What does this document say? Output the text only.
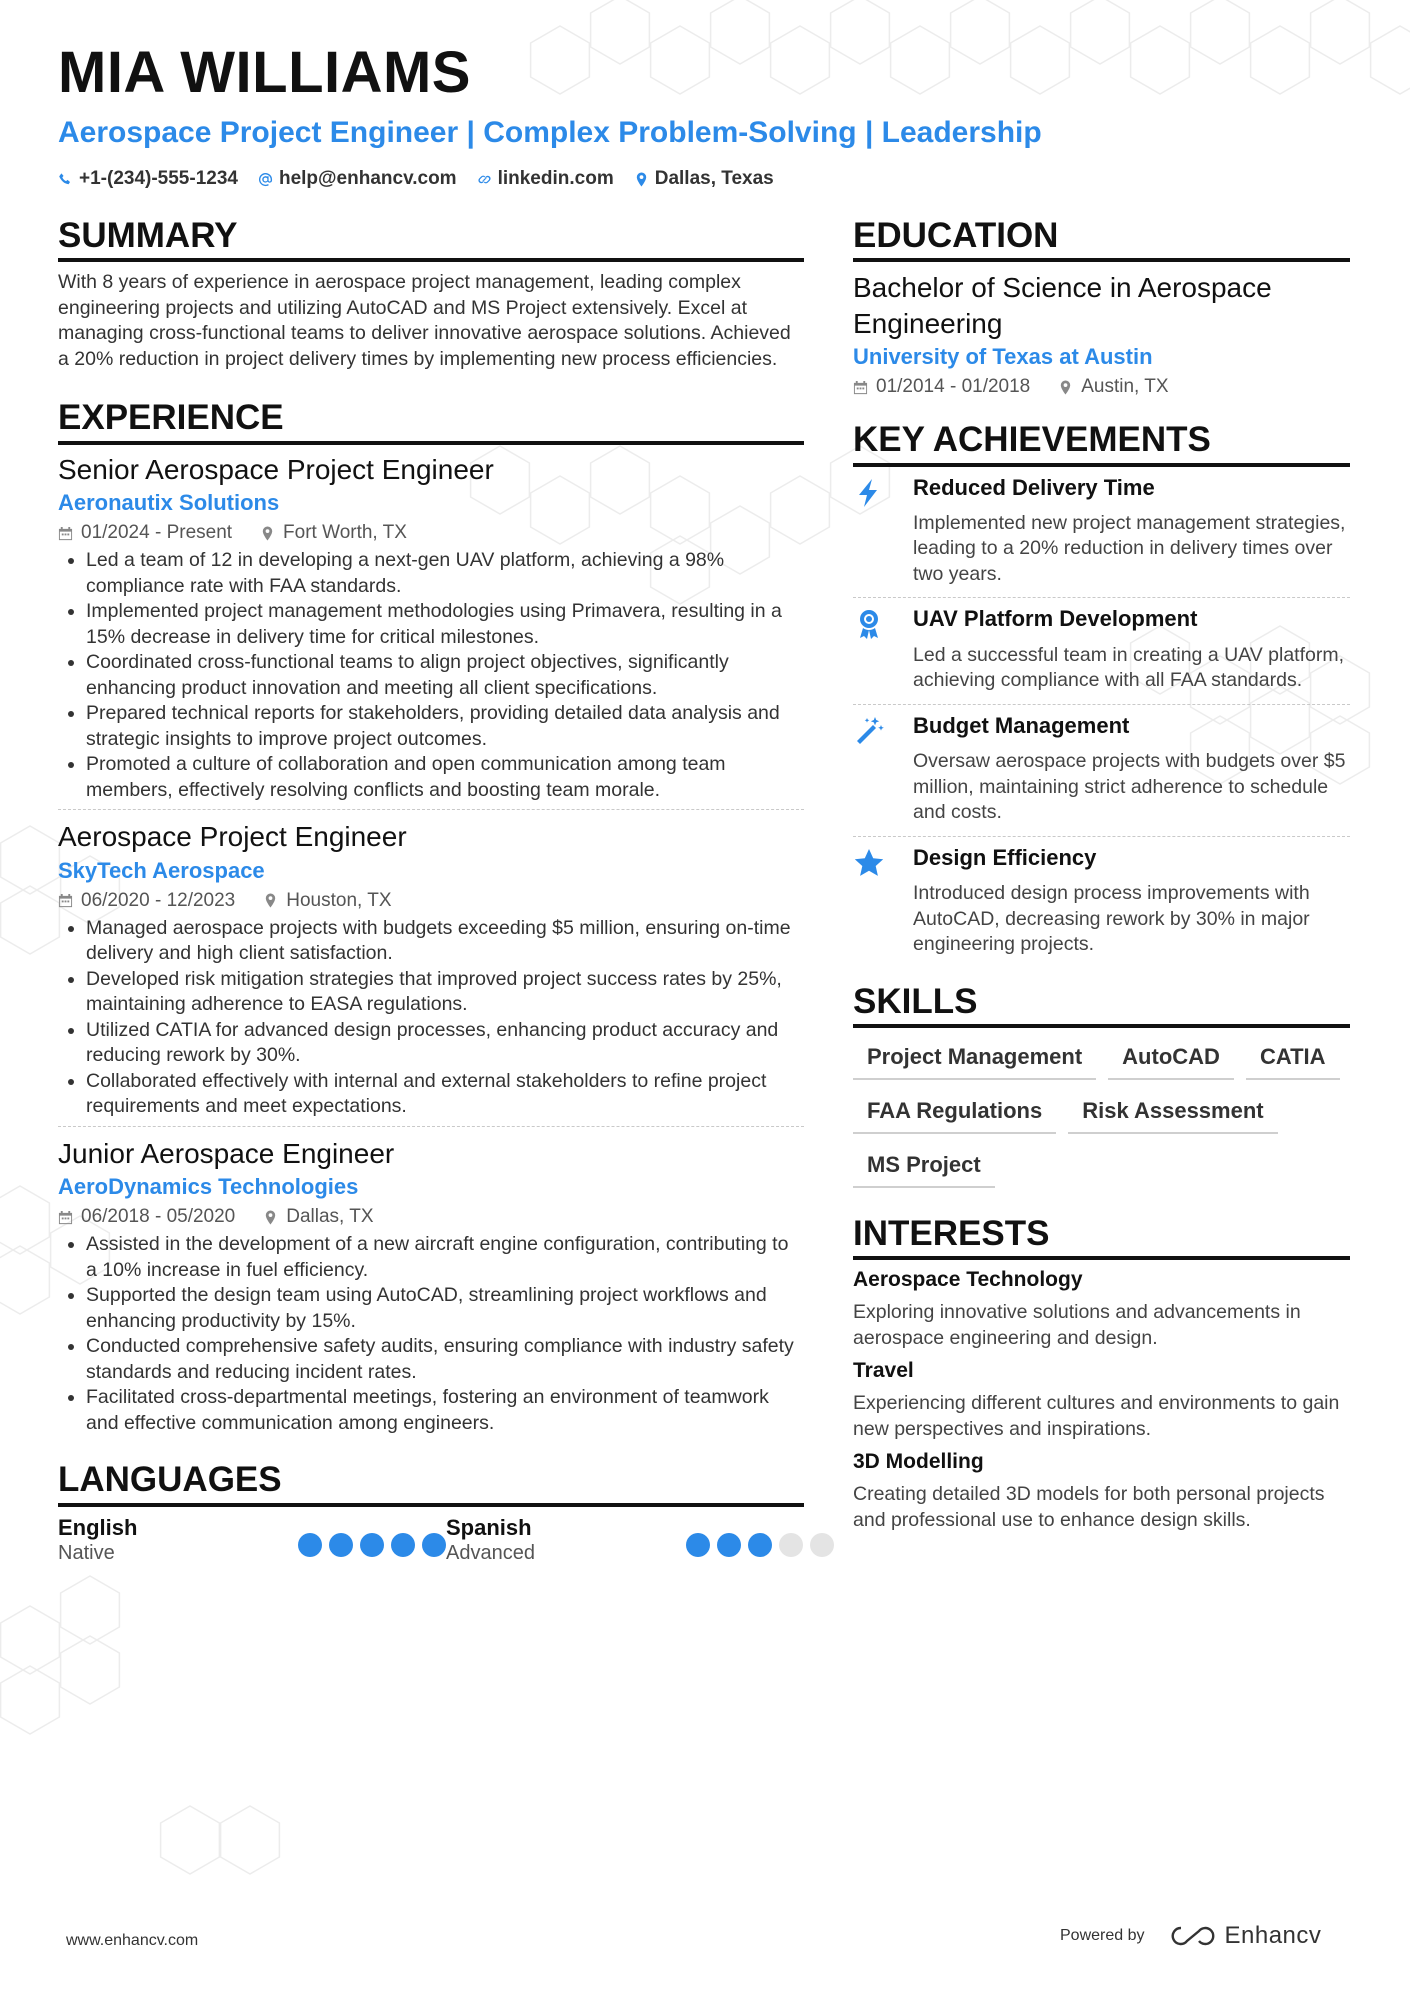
MIA WILLIAMS
Aerospace Project Engineer | Complex Problem-Solving | Leadership
+1-(234)-555-1234 help@enhancv.com linkedin.com Dallas, Texas
SUMMARY
With 8 years of experience in aerospace project management, leading complex engineering projects and utilizing AutoCAD and MS Project extensively. Excel at managing cross-functional teams to deliver innovative aerospace solutions. Achieved a 20% reduction in project delivery times by implementing new process efficiencies.
EXPERIENCE
Senior Aerospace Project Engineer
Aeronautix Solutions
01/2024 - Present	Fort Worth, TX
• Led a team of 12 in developing a next-gen UAV platform, achieving a 98% compliance rate with FAA standards.
• Implemented project management methodologies using Primavera, resulting in a 15% decrease in delivery time for critical milestones.
• Coordinated cross-functional teams to align project objectives, significantly enhancing product innovation and meeting all client specifications.
• Prepared technical reports for stakeholders, providing detailed data analysis and strategic insights to improve project outcomes.
• Promoted a culture of collaboration and open communication among team members, effectively resolving conflicts and boosting team morale.
Aerospace Project Engineer
SkyTech Aerospace
06/2020 - 12/2023	Houston, TX
• Managed aerospace projects with budgets exceeding $5 million, ensuring on-time delivery and high client satisfaction.
• Developed risk mitigation strategies that improved project success rates by 25%, maintaining adherence to EASA regulations.
• Utilized CATIA for advanced design processes, enhancing product accuracy and reducing rework by 30%.
• Collaborated effectively with internal and external stakeholders to refine project requirements and meet expectations.
Junior Aerospace Engineer
AeroDynamics Technologies
06/2018 - 05/2020	Dallas, TX
• Assisted in the development of a new aircraft engine configuration, contributing to a 10% increase in fuel efficiency.
• Supported the design team using AutoCAD, streamlining project workflows and enhancing productivity by 15%.
• Conducted comprehensive safety audits, ensuring compliance with industry safety standards and reducing incident rates.
• Facilitated cross-departmental meetings, fostering an environment of teamwork and effective communication among engineers.
LANGUAGES
English
Native
Spanish
Advanced
EDUCATION
Bachelor of Science in Aerospace Engineering
University of Texas at Austin
01/2014 - 01/2018	Austin, TX
KEY ACHIEVEMENTS
Reduced Delivery Time
Implemented new project management strategies, leading to a 20% reduction in delivery times over two years.
UAV Platform Development
Led a successful team in creating a UAV platform, achieving compliance with all FAA standards.
Budget Management
Oversaw aerospace projects with budgets over $5 million, maintaining strict adherence to schedule and costs.
Design Efficiency
Introduced design process improvements with AutoCAD, decreasing rework by 30% in major engineering projects.
SKILLS
Project Management	AutoCAD	CATIA
FAA Regulations	Risk Assessment
MS Project
INTERESTS
Aerospace Technology
Exploring innovative solutions and advancements in aerospace engineering and design.
Travel
Experiencing different cultures and environments to gain new perspectives and inspirations.
3D Modelling
Creating detailed 3D models for both personal projects and professional use to enhance design skills.
www.enhancv.com	Powered by	Enhancv
